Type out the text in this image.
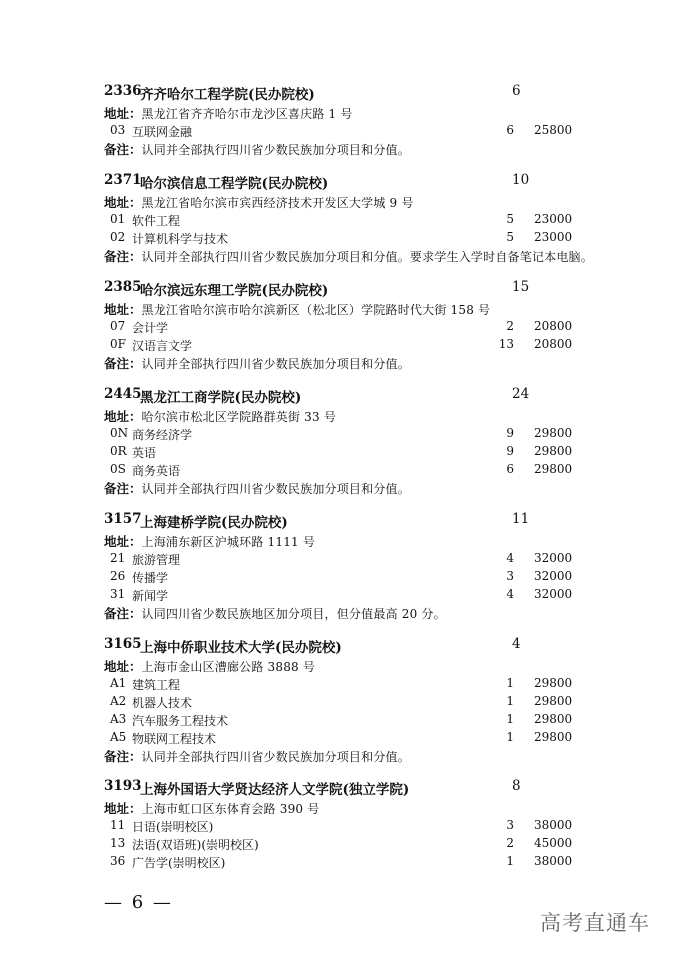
2336
齐齐哈尔工程学院(民办院校)	6
地址：黑龙江省齐齐哈尔市龙沙区喜庆路 1 号
03 互联网金融	6 25800
备注：认同并全部执行四川省少数民族加分项目和分值。
2371
哈尔滨信息工程学院(民办院校)	10
地址：黑龙江省哈尔滨市宾西经济技术开发区大学城 9 号
01 软件工程	5 23000
02 计算机科学与技术	5 23000
备注：认同并全部执行四川省少数民族加分项目和分值。要求学生入学时自备笔记本电脑。
2385
哈尔滨远东理工学院(民办院校)	15
地址：黑龙江省哈尔滨市哈尔滨新区（松北区）学院路时代大街 158 号
07 会计学	2 20800
0F 汉语言文学	13 20800
备注：认同并全部执行四川省少数民族加分项目和分值。
2445
黑龙江工商学院(民办院校)	24
地址：哈尔滨市松北区学院路群英街 33 号
0N 商务经济学	9 29800
0R 英语	9 29800
0S 商务英语	6 29800
备注：认同并全部执行四川省少数民族加分项目和分值。
3157
上海建桥学院(民办院校)	11
地址：上海浦东新区沪城环路 1111 号
21 旅游管理	4 32000
26 传播学	3 32000
31 新闻学	4 32000
备注：认同四川省少数民族地区加分项目，但分值最高 20 分。
3165
上海中侨职业技术大学(民办院校)	4
地址：上海市金山区漕廊公路 3888 号
A1 建筑工程	1 29800
A2 机器人技术	1 29800
A3 汽车服务工程技术	1 29800
A5 物联网工程技术	1 29800
备注：认同并全部执行四川省少数民族加分项目和分值。
3193
上海外国语大学贤达经济人文学院(独立学院)	8
地址：上海市虹口区东体育会路 390 号
11 日语(崇明校区)	3 38000
13 法语(双语班)(崇明校区)	2 45000
36 广告学(崇明校区)	1 38000
— 6 —
高考直通车
